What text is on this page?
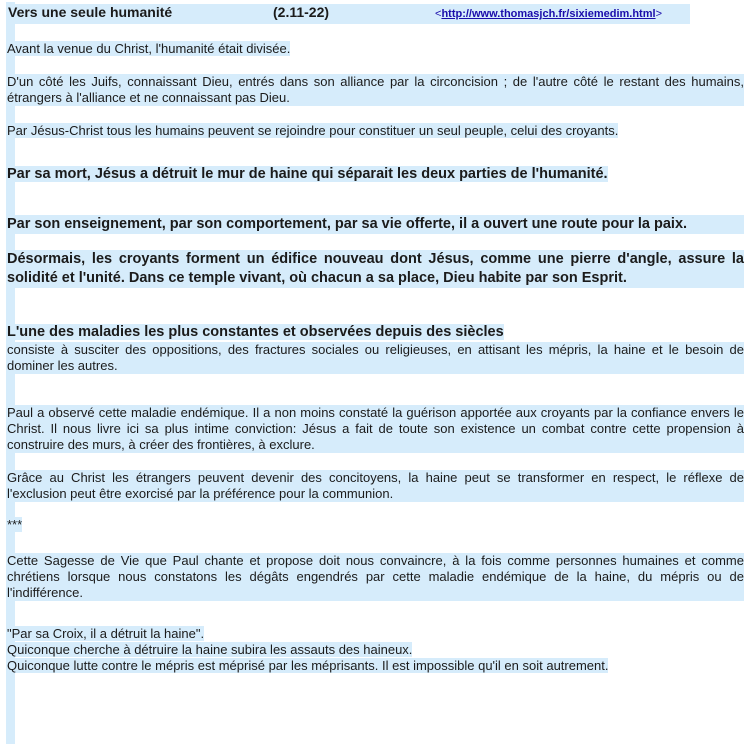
Vers une seule humanité	(2.11-22)	<http://www.thomasjch.fr/sixiemedim.html>
Avant la venue du Christ, l'humanité était divisée.
D'un côté les Juifs, connaissant Dieu, entrés dans son alliance par la circoncision ; de l'autre côté le restant des humains, étrangers à l'alliance et ne connaissant pas Dieu.
Par Jésus-Christ tous les humains peuvent se rejoindre pour constituer un seul peuple, celui des croyants.
Par sa mort, Jésus a détruit le mur de haine qui séparait les deux parties de l'humanité.
Par son enseignement, par son comportement, par sa vie offerte, il a ouvert une route pour la paix.
Désormais, les croyants forment un édifice nouveau dont Jésus, comme une pierre d'angle, assure la solidité et l'unité. Dans ce temple vivant, où chacun a sa place, Dieu habite par son Esprit.
L'une des maladies les plus constantes et observées depuis des siècles
consiste à susciter des oppositions, des fractures sociales ou religieuses, en attisant les mépris, la haine et le besoin de dominer les autres.
Paul a observé cette maladie endémique. Il a non moins constaté la guérison apportée aux croyants par la confiance envers le Christ. Il nous livre ici sa plus intime conviction: Jésus a fait de toute son existence un combat contre cette propension à construire des murs, à créer des frontières, à exclure.
Grâce au Christ les étrangers peuvent devenir des concitoyens, la haine peut se transformer en respect, le réflexe de l'exclusion peut être exorcisé par la préférence pour la communion.
***
Cette Sagesse de Vie que Paul chante et propose doit nous convaincre, à la fois comme personnes humaines et comme chrétiens lorsque nous constatons les dégâts engendrés par cette maladie endémique de la haine, du mépris ou de l'indifférence.
"Par sa Croix, il a détruit la haine".
Quiconque cherche à détruire la haine subira les assauts des haineux.
Quiconque lutte contre le mépris est méprisé par les méprisants. Il est impossible qu'il en soit autrement.
